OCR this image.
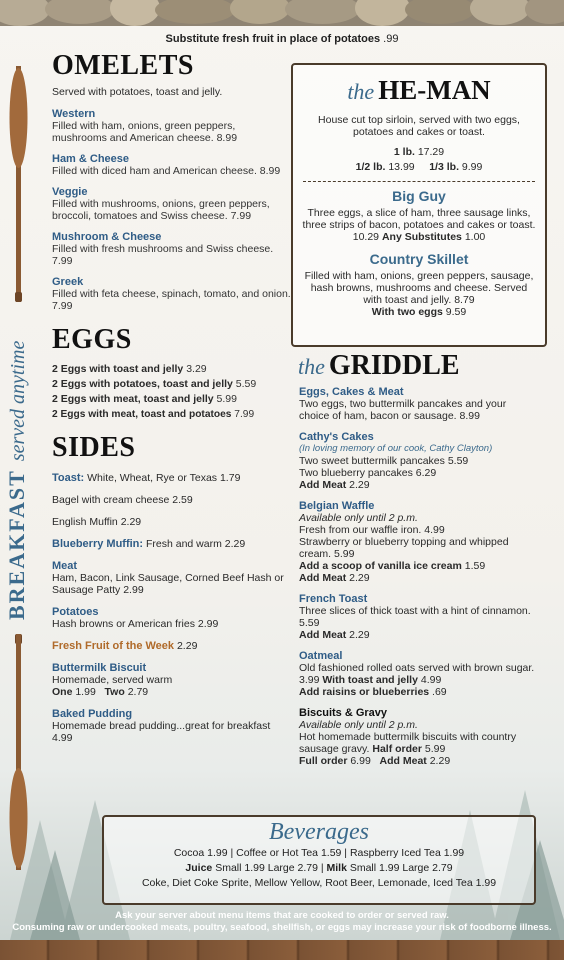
Substitute fresh fruit in place of potatoes .99
BREAKFASTserved anytime
OMELETS
Served with potatoes, toast and jelly.
Western
Filled with ham, onions, green peppers, mushrooms and American cheese. 8.99
Ham & Cheese
Filled with diced ham and American cheese. 8.99
Veggie
Filled with mushrooms, onions, green peppers, broccoli, tomatoes and Swiss cheese. 7.99
Mushroom & Cheese
Filled with fresh mushrooms and Swiss cheese. 7.99
Greek
Filled with feta cheese, spinach, tomato, and onion. 7.99
EGGS
2 Eggs with toast and jelly 3.29
2 Eggs with potatoes, toast and jelly 5.59
2 Eggs with meat, toast and jelly 5.99
2 Eggs with meat, toast and potatoes 7.99
SIDES
Toast: White, Wheat, Rye or Texas 1.79
Bagel with cream cheese 2.59
English Muffin 2.29
Blueberry Muffin: Fresh and warm 2.29
Meat
Ham, Bacon, Link Sausage, Corned Beef Hash or Sausage Patty 2.99
Potatoes
Hash browns or American fries 2.99
Fresh Fruit of the Week 2.29
Buttermilk Biscuit
Homemade, served warm
One 1.99 Two 2.79
Baked Pudding
Homemade bread pudding...great for breakfast 4.99
the HE-MAN
House cut top sirloin, served with two eggs, potatoes and cakes or toast.
1 lb. 17.29
1/2 lb. 13.99 1/3 lb. 9.99
Big Guy
Three eggs, a slice of ham, three sausage links, three strips of bacon, potatoes and cakes or toast. 10.29 Any Substitutes 1.00
Country Skillet
Filled with ham, onions, green peppers, sausage, hash browns, mushrooms and cheese. Served with toast and jelly. 8.79
With two eggs 9.59
the GRIDDLE
Eggs, Cakes & Meat
Two eggs, two buttermilk pancakes and your choice of ham, bacon or sausage. 8.99
Cathy's Cakes
(In loving memory of our cook, Cathy Clayton)
Two sweet buttermilk pancakes 5.59
Two blueberry pancakes 6.29
Add Meat 2.29
Belgian Waffle
Available only until 2 p.m.
Fresh from our waffle iron. 4.99
Strawberry or blueberry topping and whipped cream. 5.99
Add a scoop of vanilla ice cream 1.59
Add Meat 2.29
French Toast
Three slices of thick toast with a hint of cinnamon. 5.59
Add Meat 2.29
Oatmeal
Old fashioned rolled oats served with brown sugar. 3.99 With toast and jelly 4.99
Add raisins or blueberries .69
Biscuits & Gravy
Available only until 2 p.m.
Hot homemade buttermilk biscuits with country sausage gravy. Half order 5.99
Full order 6.99 Add Meat 2.29
Beverages
Cocoa 1.99 | Coffee or Hot Tea 1.59 | Raspberry Iced Tea 1.99
Juice Small 1.99 Large 2.79 | Milk Small 1.99 Large 2.79
Coke, Diet Coke Sprite, Mellow Yellow, Root Beer, Lemonade, Iced Tea 1.99
Ask your server about menu items that are cooked to order or served raw.
Consuming raw or undercooked meats, poultry, seafood, shellfish, or eggs may increase your risk of foodborne illness.
